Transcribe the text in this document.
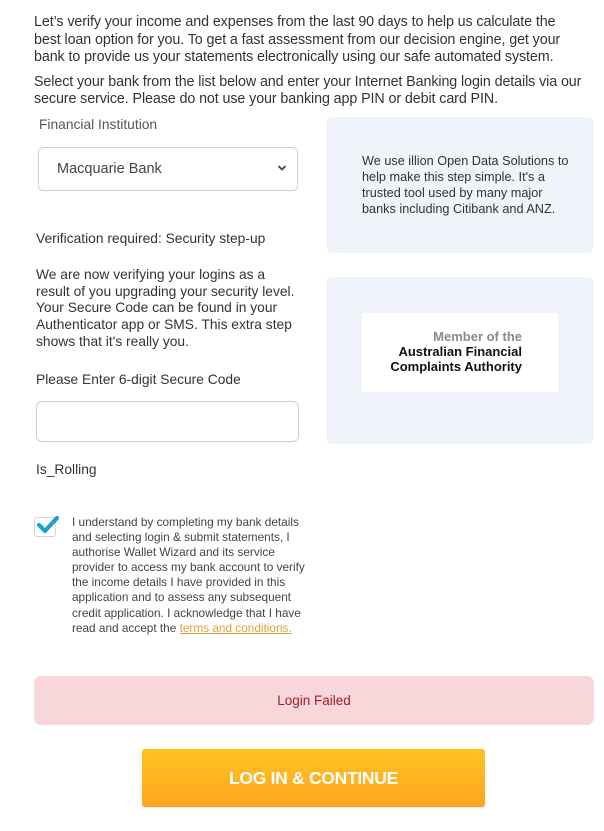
Let’s verify your income and expenses from the last 90 days to help us calculate the best loan option for you. To get a fast assessment from our decision engine, get your bank to provide us your statements electronically using our safe automated system.

Select your bank from the list below and enter your Internet Banking login details via our secure service. Please do not use your banking app PIN or debit card PIN.

Financial Institution
Macquarie Bank
Verification required: Security step-up
We are now verifying your logins as a result of you upgrading your security level. Your Secure Code can be found in your Authenticator app or SMS. This extra step shows that it's really you.
Please Enter 6-digit Secure Code
Is_Rolling
We use illion Open Data Solutions to help make this step simple. It's a trusted tool used by many major banks including Citibank and ANZ.
Member of the
Australian Financial
Complaints Authority
I understand by completing my bank details and selecting login & submit statements, I authorise Wallet Wizard and its service provider to access my bank account to verify the income details I have provided in this application and to assess any subsequent credit application. I acknowledge that I have read and accept the terms and conditions.
Login Failed
LOG IN & CONTINUE
